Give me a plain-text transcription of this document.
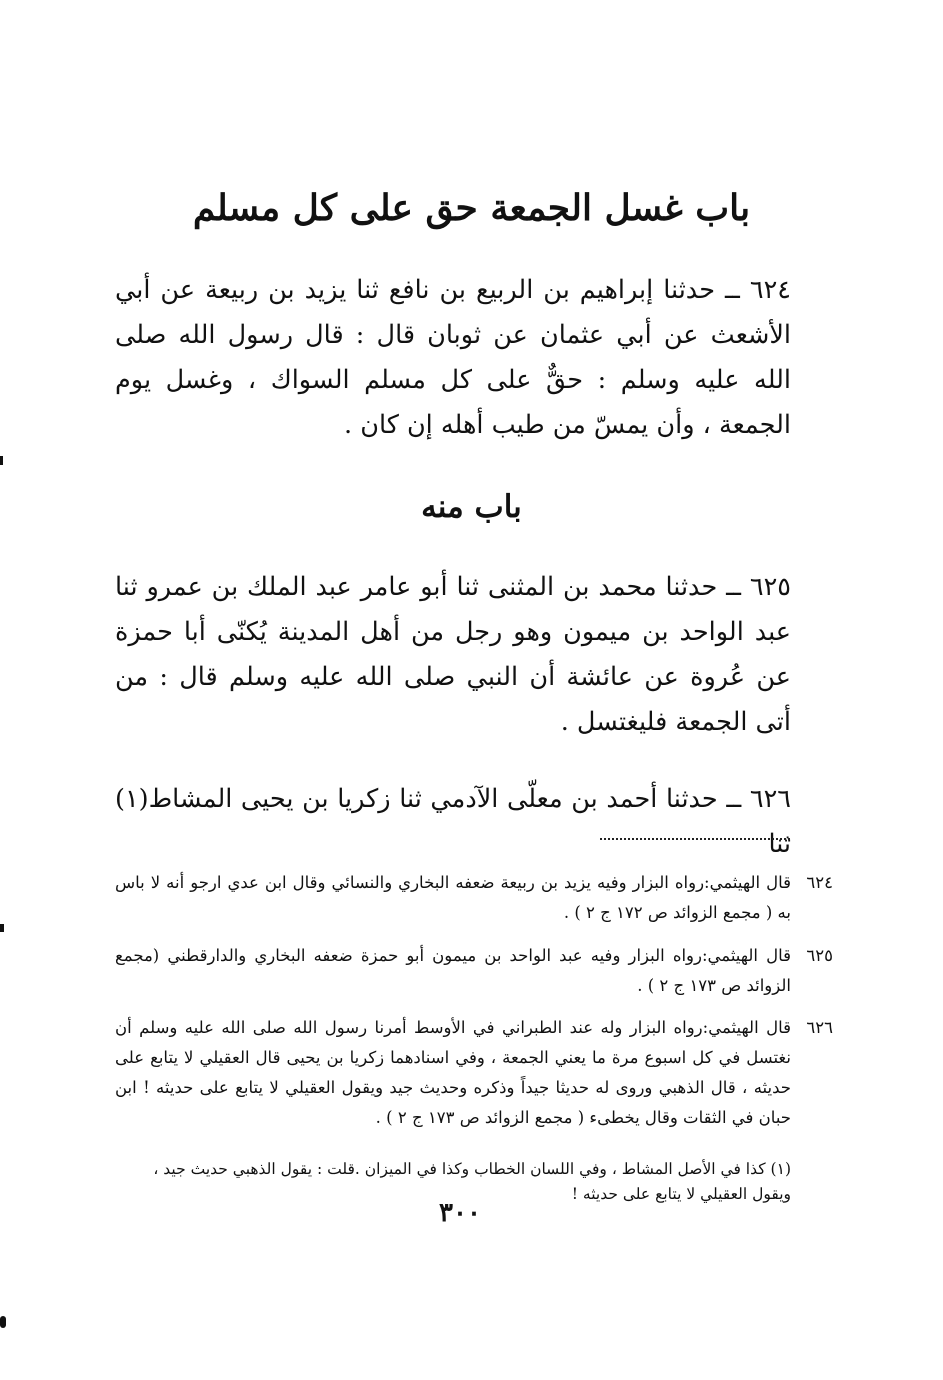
باب غسل الجمعة حق على كل مسلم
٦٢٤ ــ حدثنا إبراهيم بن الربيع بن نافع ثنا يزيد بن ربيعة عن أبي الأشعث عن أبي عثمان عن ثوبان قال : قال رسول الله صلى الله عليه وسلم : حقٌّ على كل مسلم السواك ، وغسل يوم الجمعة ، وأن يمسّ من طيب أهله إن كان .
باب منه
٦٢٥ ــ حدثنا محمد بن المثنى ثنا أبو عامر عبد الملك بن عمرو ثنا عبد الواحد بن ميمون وهو رجل من أهل المدينة يُكنّى أبا حمزة عن عُروة عن عائشة أن النبي صلى الله عليه وسلم قال : من أتى الجمعة فليغتسل .
٦٢٦ ــ حدثنا أحمد بن معلّى الآدمي ثنا زكريا بن يحيى المشاط(١) ثنا
٦٢٤
قال الهيثمي:رواه البزار وفيه يزيد بن ربيعة ضعفه البخاري والنسائي وقال ابن عدي ارجو أنه لا باس به ( مجمع الزوائد ص ١٧٢ ج ٢ ) .
٦٢٥
قال الهيثمي:رواه البزار وفيه عبد الواحد بن ميمون أبو حمزة ضعفه البخاري والدارقطني (مجمع الزوائد ص ١٧٣ ج ٢ ) .
٦٢٦
قال الهيثمي:رواه البزار وله عند الطبراني في الأوسط أمرنا رسول الله صلى الله عليه وسلم أن نغتسل في كل اسبوع مرة ما يعني الجمعة ، وفي اسنادهما زكريا بن يحيى قال العقيلي لا يتابع على حديثه ، قال الذهبي وروى له حديثا جيداً وذكره وحديث جيد ويقول العقيلي لا يتابع على حديثه ! ابن حبان في الثقات وقال يخطىء ( مجمع الزوائد ص ١٧٣ ج ٢ ) .
(١) كذا في الأصل المشاط ، وفي اللسان الخطاب وكذا في الميزان .قلت : يقول الذهبي حديث جيد ، ويقول العقيلي لا يتابع على حديثه !
٣٠٠
